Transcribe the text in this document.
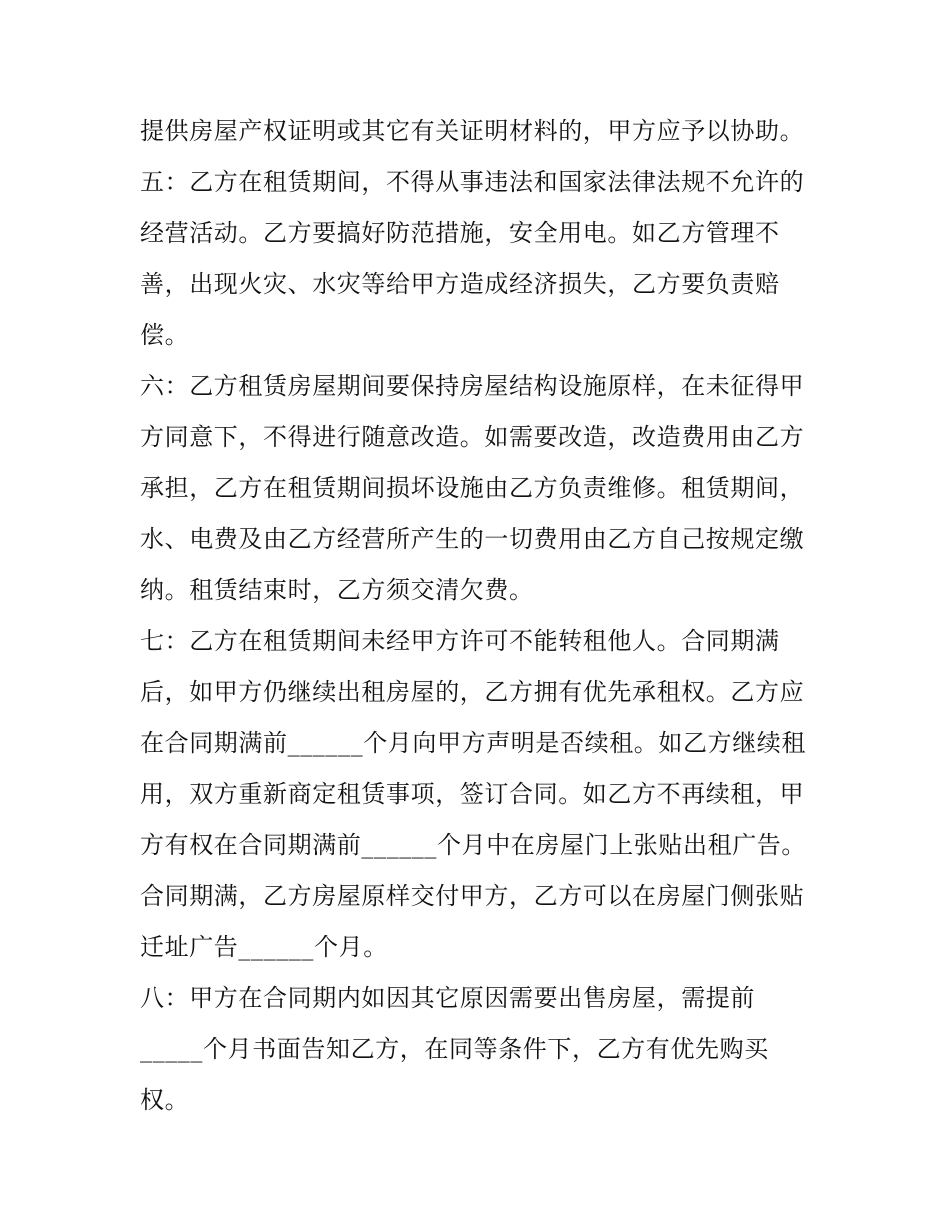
提供房屋产权证明或其它有关证明材料的，甲方应予以协助。
五：乙方在租赁期间，不得从事违法和国家法律法规不允许的
经营活动。乙方要搞好防范措施，安全用电。如乙方管理不
善，出现火灾、水灾等给甲方造成经济损失，乙方要负责赔
偿。
六：乙方租赁房屋期间要保持房屋结构设施原样，在未征得甲
方同意下，不得进行随意改造。如需要改造，改造费用由乙方
承担，乙方在租赁期间损坏设施由乙方负责维修。租赁期间，
水、电费及由乙方经营所产生的一切费用由乙方自己按规定缴
纳。租赁结束时，乙方须交清欠费。
七：乙方在租赁期间未经甲方许可不能转租他人。合同期满
后，如甲方仍继续出租房屋的，乙方拥有优先承租权。乙方应
在合同期满前______个月向甲方声明是否续租。如乙方继续租
用，双方重新商定租赁事项，签订合同。如乙方不再续租，甲
方有权在合同期满前______个月中在房屋门上张贴出租广告。
合同期满，乙方房屋原样交付甲方，乙方可以在房屋门侧张贴
迁址广告______个月。
八：甲方在合同期内如因其它原因需要出售房屋，需提前
_____个月书面告知乙方，在同等条件下，乙方有优先购买
权。
